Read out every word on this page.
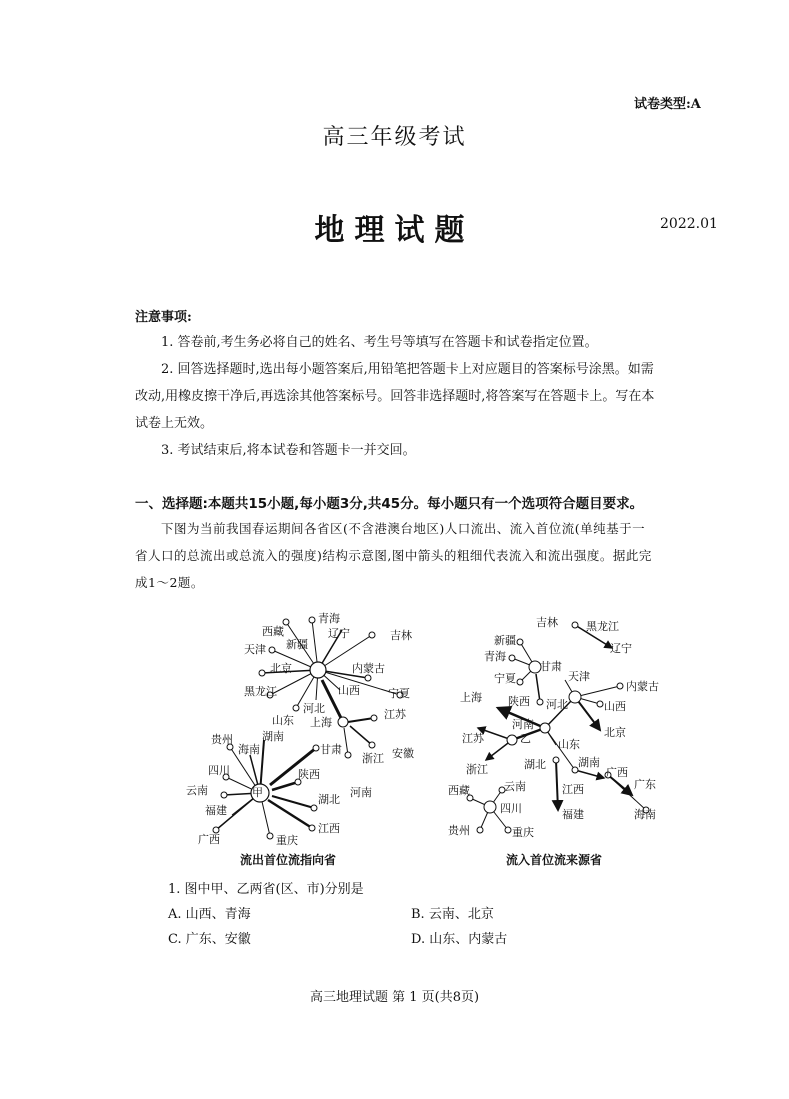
试卷类型:A
高三年级考试
地理试题	2022.01
注意事项:

1. 答卷前,考生务必将自己的姓名、考生号等填写在答题卡和试卷指定位置。

2. 回答选择题时,选出每小题答案后,用铅笔把答题卡上对应题目的答案标号涂黑。如需改动,用橡皮擦干净后,再选涂其他答案标号。回答非选择题时,将答案写在答题卡上。写在本试卷上无效。

3. 考试结束后,将本试卷和答题卡一并交回。

一、选择题:本题共15小题,每小题3分,共45分。每小题只有一个选项符合题目要求。

下图为当前我国春运期间各省区(不含港澳台地区)人口流出、流入首位流(单纯基于一省人口的总流出或总流入的强度)结构示意图,图中箭头的粗细代表流入和流出强度。据此完成1～2题。

甲
青海
西藏	辽宁	吉林
天津 新疆
北京	内蒙古
黑龙江	山西	宁夏
河北
山东 上海
江苏
贵州
海南
湖南
甘肃	安徽
四川
浙江
陕西
云南
湖北
河南
福建
江西
广西	重庆
流出首位流指向省
吉林	黑龙江
辽宁
新疆
青海
甘肃
宁夏	天津
内蒙古
上海 陕西 河北	山西
河南
北京
江苏	山东
湖北	湖南
浙江	广西
广东
西藏	云南	江西
四川	福建	海南
贵州	重庆
乙
流入首位流来源省
1. 图中甲、乙两省(区、市)分别是
A. 山西、青海	B. 云南、北京
C. 广东、安徽	D. 山东、内蒙古
高三地理试题 第 1 页(共8页)
